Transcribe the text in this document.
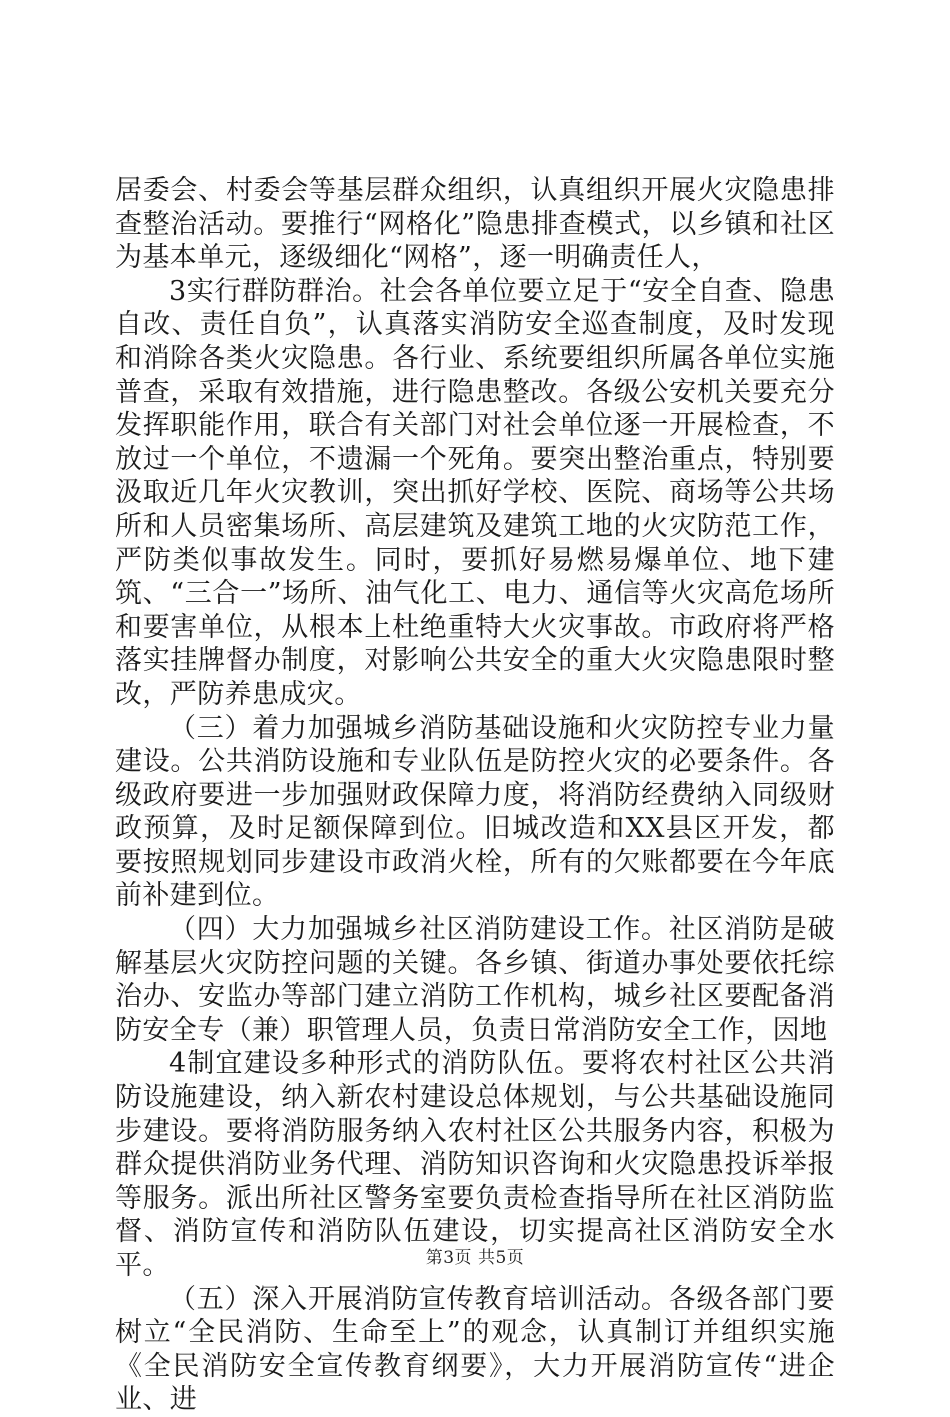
居委会、村委会等基层群众组织，认真组织开展火灾隐患排查整治活动。要推行“网格化”隐患排查模式，以乡镇和社区为基本单元，逐级细化“网格”，逐一明确责任人，

3实行群防群治。社会各单位要立足于“安全自查、隐患自改、责任自负”，认真落实消防安全巡查制度，及时发现和消除各类火灾隐患。各行业、系统要组织所属各单位实施普查，采取有效措施，进行隐患整改。各级公安机关要充分发挥职能作用，联合有关部门对社会单位逐一开展检查，不放过一个单位，不遗漏一个死角。要突出整治重点，特别要汲取近几年火灾教训，突出抓好学校、医院、商场等公共场所和人员密集场所、高层建筑及建筑工地的火灾防范工作，严防类似事故发生。同时，要抓好易燃易爆单位、地下建筑、“三合一”场所、油气化工、电力、通信等火灾高危场所和要害单位，从根本上杜绝重特大火灾事故。市政府将严格落实挂牌督办制度，对影响公共安全的重大火灾隐患限时整改，严防养患成灾。

（三）着力加强城乡消防基础设施和火灾防控专业力量建设。公共消防设施和专业队伍是防控火灾的必要条件。各级政府要进一步加强财政保障力度，将消防经费纳入同级财政预算，及时足额保障到位。旧城改造和XX县区开发，都要按照规划同步建设市政消火栓，所有的欠账都要在今年底前补建到位。

（四）大力加强城乡社区消防建设工作。社区消防是破解基层火灾防控问题的关键。各乡镇、街道办事处要依托综治办、安监办等部门建立消防工作机构，城乡社区要配备消防安全专（兼）职管理人员，负责日常消防安全工作，因地

4制宜建设多种形式的消防队伍。要将农村社区公共消防设施建设，纳入新农村建设总体规划，与公共基础设施同步建设。要将消防服务纳入农村社区公共服务内容，积极为群众提供消防业务代理、消防知识咨询和火灾隐患投诉举报等服务。派出所社区警务室要负责检查指导所在社区消防监督、消防宣传和消防队伍建设，切实提高社区消防安全水平。

（五）深入开展消防宣传教育培训活动。各级各部门要树立“全民消防、生命至上”的观念，认真制订并组织实施《全民消防安全宣传教育纲要》，大力开展消防宣传“进企业、进

第3页 共5页
